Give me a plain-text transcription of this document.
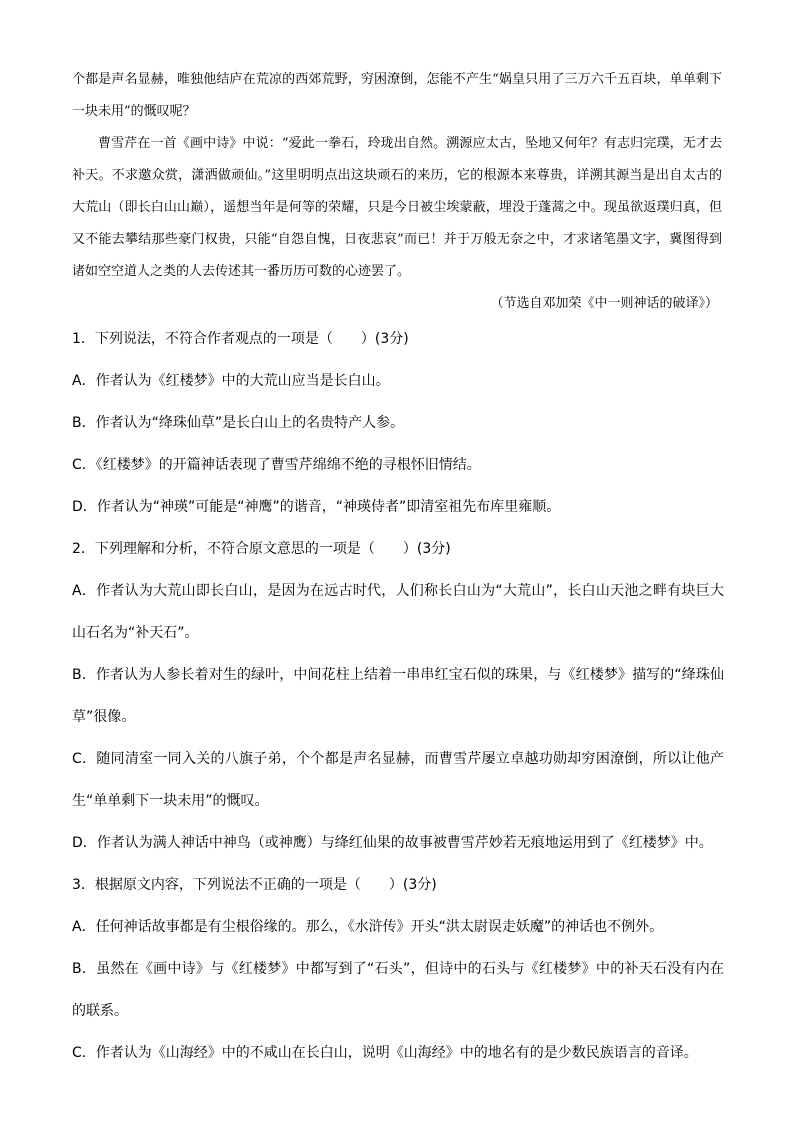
个都是声名显赫，唯独他结庐在荒凉的西郊荒野，穷困潦倒，怎能不产生“娲皇只用了三万六千五百块，单单剩下一块未用”的慨叹呢？

曹雪芹在一首《画中诗》中说：“爱此一拳石，玲珑出自然。溯源应太古，坠地又何年？有志归完璞，无才去补天。不求邀众赏，潇洒做顽仙。”这里明明点出这块顽石的来历，它的根源本来尊贵，详溯其源当是出自太古的大荒山（即长白山山巅），遥想当年是何等的荣耀，只是今日被尘埃蒙蔽，埋没于蓬蒿之中。现虽欲返璞归真，但又不能去攀结那些豪门权贵，只能“自怨自愧，日夜悲哀”而已！并于万般无奈之中，才求诸笔墨文字，冀图得到诸如空空道人之类的人去传述其一番历历可数的心迹罢了。

（节选自邓加荣《中一则神话的破译》）

1．下列说法，不符合作者观点的一项是（　　）(3分)

A．作者认为《红楼梦》中的大荒山应当是长白山。

B．作者认为“绛珠仙草”是长白山上的名贵特产人参。

C．《红楼梦》的开篇神话表现了曹雪芹绵绵不绝的寻根怀旧情结。

D．作者认为“神瑛”可能是“神鹰”的谐音，“神瑛侍者”即清室祖先布库里雍顺。

2．下列理解和分析，不符合原文意思的一项是（　　）(3分)

A．作者认为大荒山即长白山，是因为在远古时代，人们称长白山为“大荒山”，长白山天池之畔有块巨大山石名为“补天石”。

B．作者认为人参长着对生的绿叶，中间花柱上结着一串串红宝石似的珠果，与《红楼梦》描写的“绛珠仙草”很像。

C．随同清室一同入关的八旗子弟，个个都是声名显赫，而曹雪芹屡立卓越功勋却穷困潦倒，所以让他产生“单单剩下一块未用”的慨叹。

D．作者认为满人神话中神鸟（或神鹰）与绛红仙果的故事被曹雪芹妙若无痕地运用到了《红楼梦》中。

3．根据原文内容，下列说法不正确的一项是（　　）(3分)

A．任何神话故事都是有尘根俗缘的。那么，《水浒传》开头“洪太尉误走妖魔”的神话也不例外。

B．虽然在《画中诗》与《红楼梦》中都写到了“石头”，但诗中的石头与《红楼梦》中的补天石没有内在的联系。

C．作者认为《山海经》中的不咸山在长白山，说明《山海经》中的地名有的是少数民族语言的音译。
